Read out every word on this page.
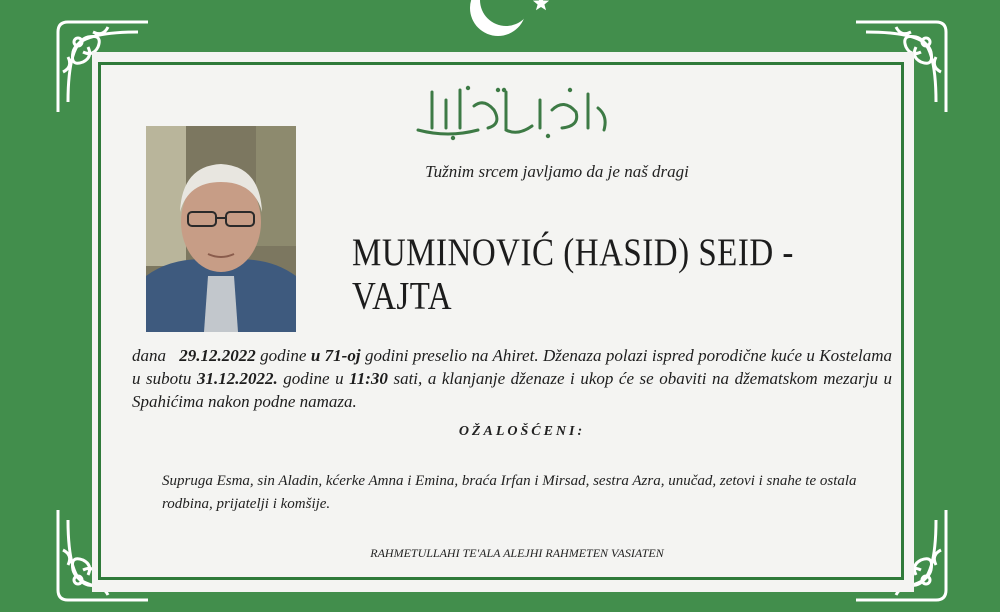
Tužnim srcem javljamo da je naš dragi
MUMINOVIĆ (HASID) SEID - VAJTA
dana 29.12.2022 godine u 71-oj godini preselio na Ahiret. Dženaza polazi ispred porodične kuće u Kostelama u subotu 31.12.2022. godine u 11:30 sati, a klanjanje dženaze i ukop će se obaviti na džematskom mezarju u Spahićima nakon podne namaza.
OŽALOŠĆENI:
Supruga Esma, sin Aladin, kćerke Amna i Emina, braća Irfan i Mirsad, sestra Azra, unučad, zetovi i snahe te ostala rodbina, prijatelji i komšije.
RAHMETULLAHI TE'ALA ALEJHI RAHMETEN VASIATEN
